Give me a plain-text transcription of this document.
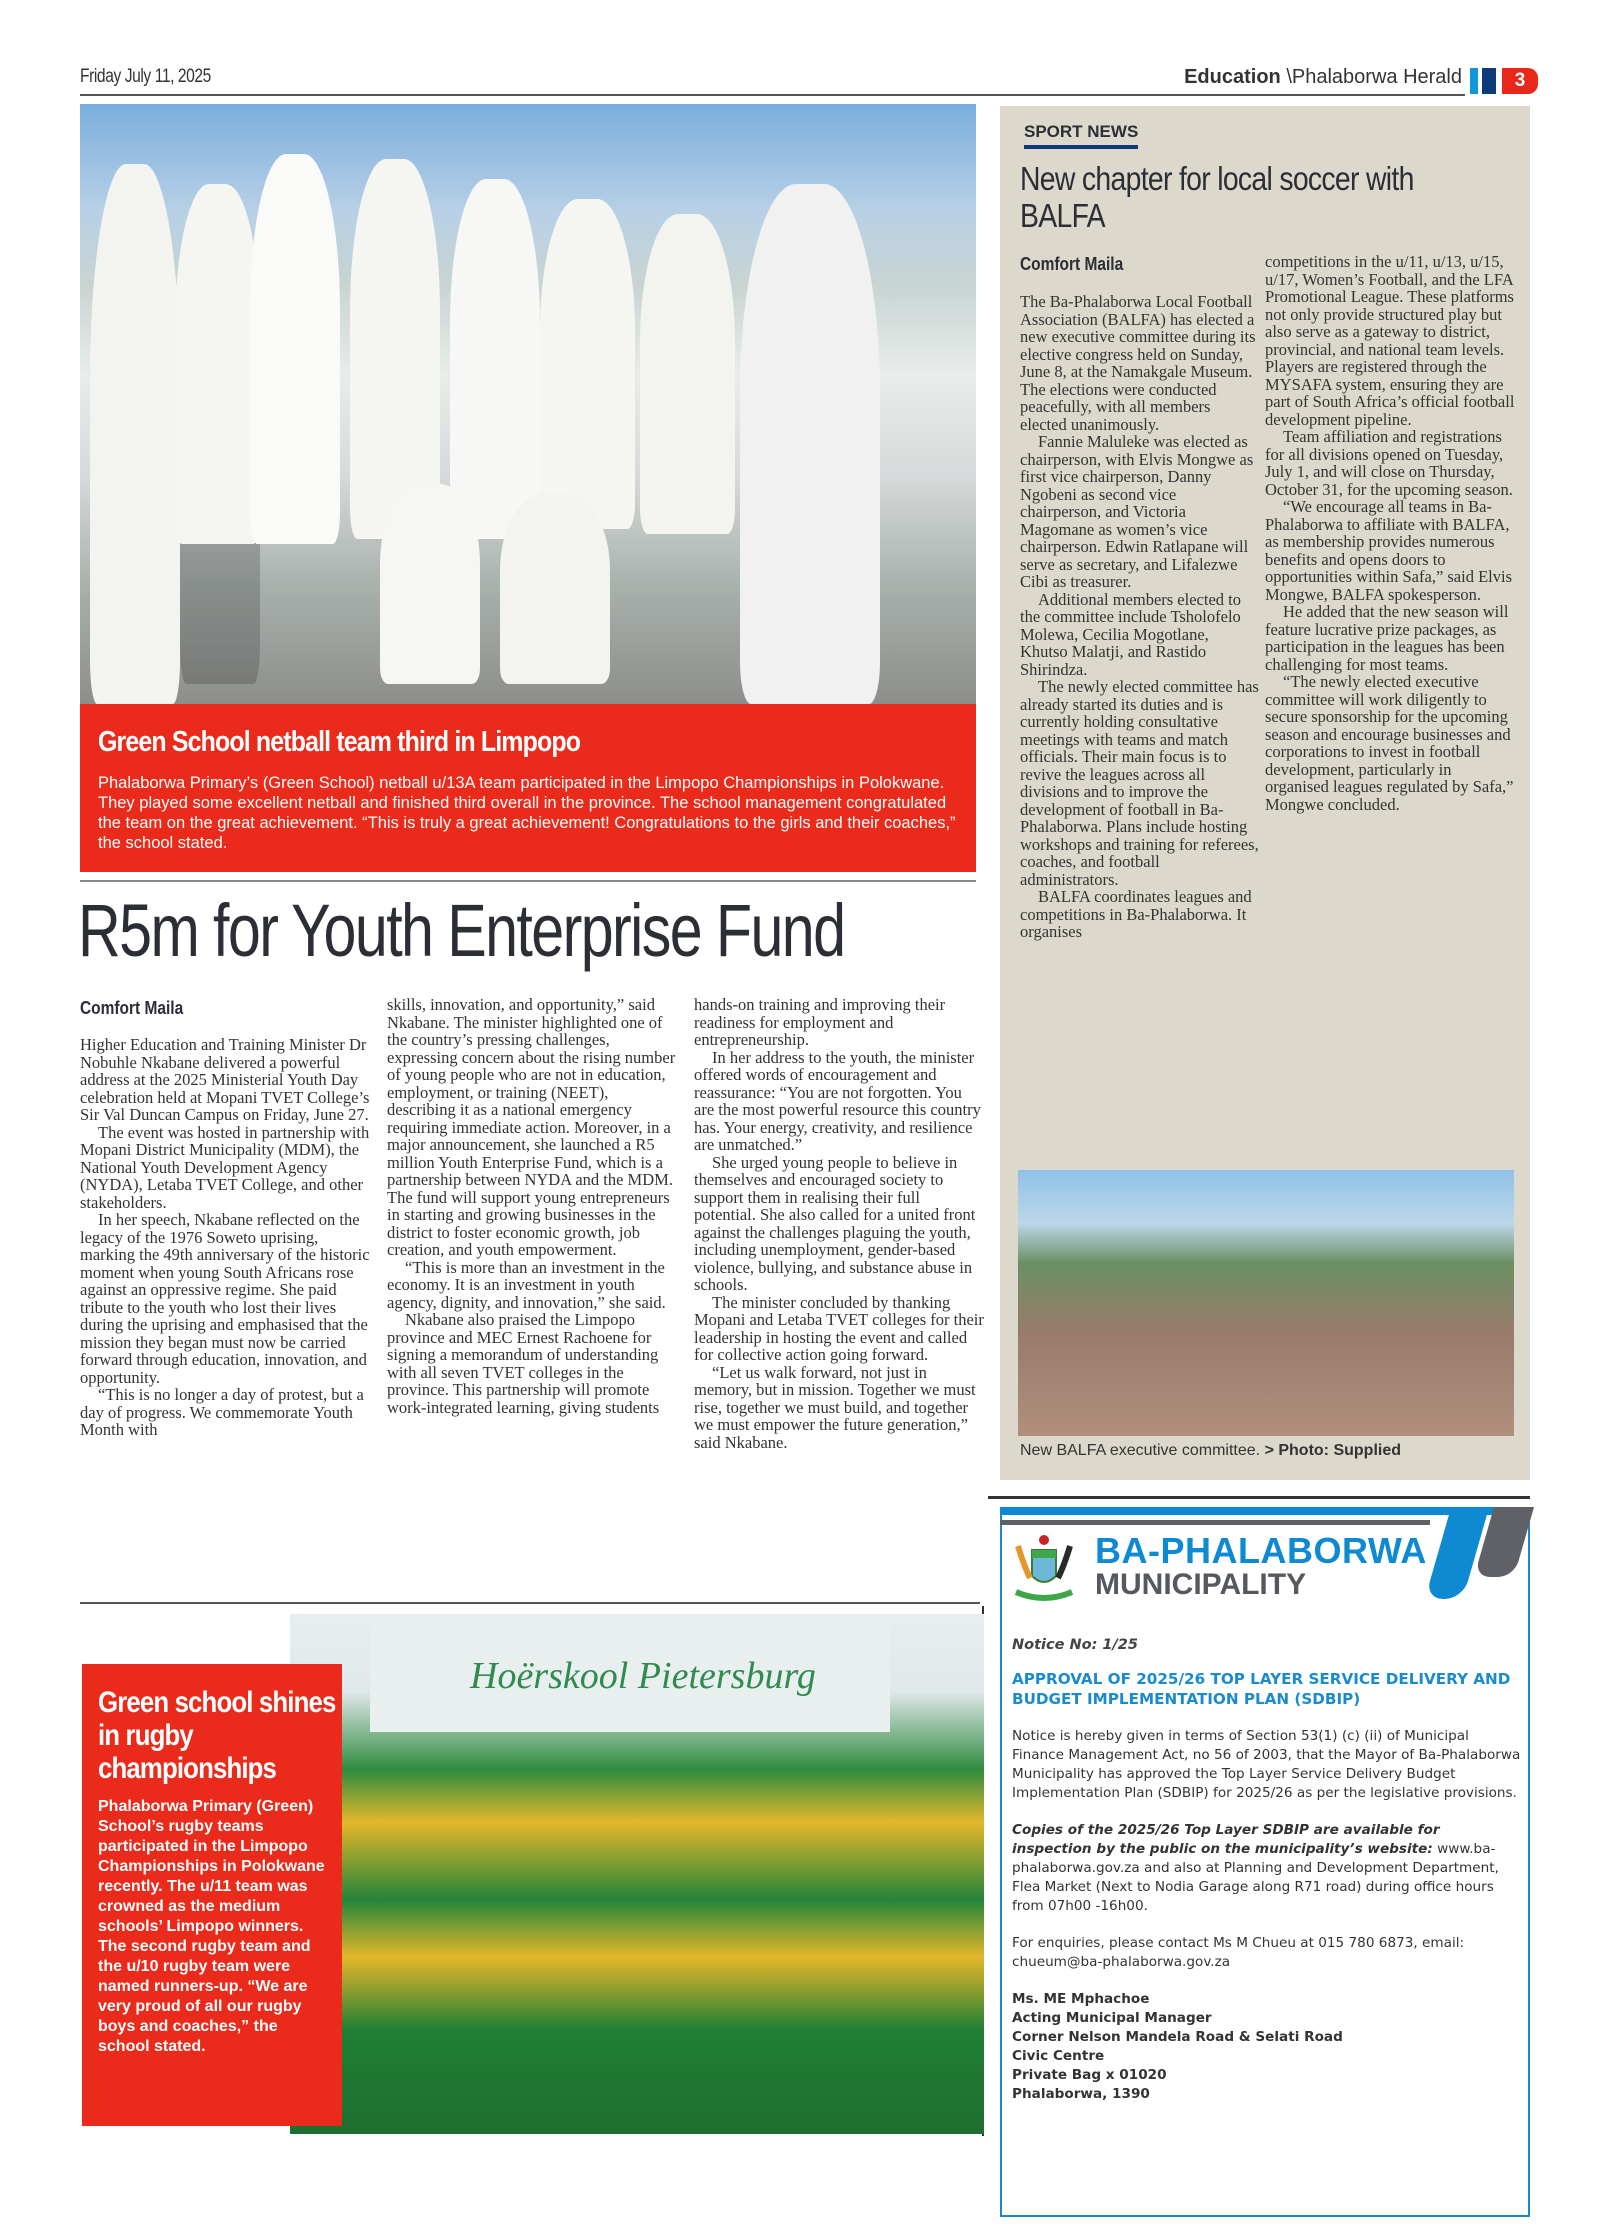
Friday July 11, 2025	Education \Phalaborwa Herald	3
Green School netball team third in Limpopo

Phalaborwa Primary’s (Green School) netball u/13A team participated in the Limpopo Championships in Polokwane. They played some excellent netball and finished third overall in the province. The school management congratulated the team on the great achievement. “This is truly a great achievement! Congratulations to the girls and their coaches,” the school stated.

R5m for Youth Enterprise Fund
Comfort Maila

Higher Education and Training Minister Dr Nobuhle Nkabane delivered a powerful address at the 2025 Ministerial Youth Day celebration held at Mopani TVET College’s Sir Val Duncan Campus on Friday, June 27.

The event was hosted in partnership with Mopani District Municipality (MDM), the National Youth Development Agency (NYDA), Letaba TVET College, and other stakeholders.

In her speech, Nkabane reflected on the legacy of the 1976 Soweto uprising, marking the 49th anniversary of the historic moment when young South Africans rose against an oppressive regime. She paid tribute to the youth who lost their lives during the uprising and emphasised that the mission they began must now be carried forward through education, innovation, and opportunity.

“This is no longer a day of protest, but a day of progress. We commemorate Youth Month with

skills, innovation, and opportunity,” said Nkabane. The minister highlighted one of the country’s pressing challenges, expressing concern about the rising number of young people who are not in education, employment, or training (NEET), describing it as a national emergency requiring immediate action. Moreover, in a major announcement, she launched a R5 million Youth Enterprise Fund, which is a partnership between NYDA and the MDM. The fund will support young entrepreneurs in starting and growing businesses in the district to foster economic growth, job creation, and youth empowerment.

“This is more than an investment in the economy. It is an investment in youth agency, dignity, and innovation,” she said.

Nkabane also praised the Limpopo province and MEC Ernest Rachoene for signing a memorandum of understanding with all seven TVET colleges in the province. This partnership will promote work-integrated learning, giving students

hands-on training and improving their readiness for employment and entrepreneurship.

In her address to the youth, the minister offered words of encouragement and reassurance: “You are not forgotten. You are the most powerful resource this country has. Your energy, creativity, and resilience are unmatched.”

She urged young people to believe in themselves and encouraged society to support them in realising their full potential. She also called for a united front against the challenges plaguing the youth, including unemployment, gender-based violence, bullying, and substance abuse in schools.

The minister concluded by thanking Mopani and Letaba TVET colleges for their leadership in hosting the event and called for collective action going forward.

“Let us walk forward, not just in memory, but in mission. Together we must rise, together we must build, and together we must empower the future generation,” said Nkabane.

SPORT NEWS
New chapter for local soccer with BALFA
Comfort Maila

The Ba-Phalaborwa Local Football Association (BALFA) has elected a new executive committee during its elective congress held on Sunday, June 8, at the Namakgale Museum. The elections were conducted peacefully, with all members elected unanimously.

Fannie Maluleke was elected as chairperson, with Elvis Mongwe as first vice chairperson, Danny Ngobeni as second vice chairperson, and Victoria Magomane as women’s vice chairperson. Edwin Ratlapane will serve as secretary, and Lifalezwe Cibi as treasurer.

Additional members elected to the committee include Tsholofelo Molewa, Cecilia Mogotlane, Khutso Malatji, and Rastido Shirindza.

The newly elected committee has already started its duties and is currently holding consultative meetings with teams and match officials. Their main focus is to revive the leagues across all divisions and to improve the development of football in Ba-Phalaborwa. Plans include hosting workshops and training for referees, coaches, and football administrators.

BALFA coordinates leagues and competitions in Ba-Phalaborwa. It organises

competitions in the u/11, u/13, u/15, u/17, Women’s Football, and the LFA Promotional League. These platforms not only provide structured play but also serve as a gateway to district, provincial, and national team levels. Players are registered through the MYSAFA system, ensuring they are part of South Africa’s official football development pipeline.

Team affiliation and registrations for all divisions opened on Tuesday, July 1, and will close on Thursday, October 31, for the upcoming season.

“We encourage all teams in Ba-Phalaborwa to affiliate with BALFA, as membership provides numerous benefits and opens doors to opportunities within Safa,” said Elvis Mongwe, BALFA spokesperson.

He added that the new season will feature lucrative prize packages, as participation in the leagues has been challenging for most teams.

“The newly elected executive committee will work diligently to secure sponsorship for the upcoming season and encourage businesses and corporations to invest in football development, particularly in organised leagues regulated by Safa,” Mongwe concluded.

New BALFA executive committee. > Photo: Supplied
BA-PHALABORWA
MUNICIPALITY
Notice No: 1/25
APPROVAL OF 2025/26 TOP LAYER SERVICE DELIVERY AND BUDGET IMPLEMENTATION PLAN (SDBIP)
Notice is hereby given in terms of Section 53(1) (c) (ii) of Municipal Finance Management Act, no 56 of 2003, that the Mayor of Ba-Phalaborwa Municipality has approved the Top Layer Service Delivery Budget Implementation Plan (SDBIP) for 2025/26 as per the legislative provisions.
Copies of the 2025/26 Top Layer SDBIP are available for inspection by the public on the municipality’s website: www.ba-phalaborwa.gov.za and also at Planning and Development Department, Flea Market (Next to Nodia Garage along R71 road) during office hours from 07h00 -16h00.
For enquiries, please contact Ms M Chueu at 015 780 6873, email: chueum@ba-phalaborwa.gov.za
Ms. ME Mphachoe
Acting Municipal Manager
Corner Nelson Mandela Road & Selati Road
Civic Centre
Private Bag x 01020
Phalaborwa, 1390
Hoërskool Pietersburg
Green school shines in rugby championships

Phalaborwa Primary (Green) School’s rugby teams participated in the Limpopo Championships in Polokwane recently. The u/11 team was crowned as the medium schools’ Limpopo winners. The second rugby team and the u/10 rugby team were named runners-up. “We are very proud of all our rugby boys and coaches,” the school stated.
